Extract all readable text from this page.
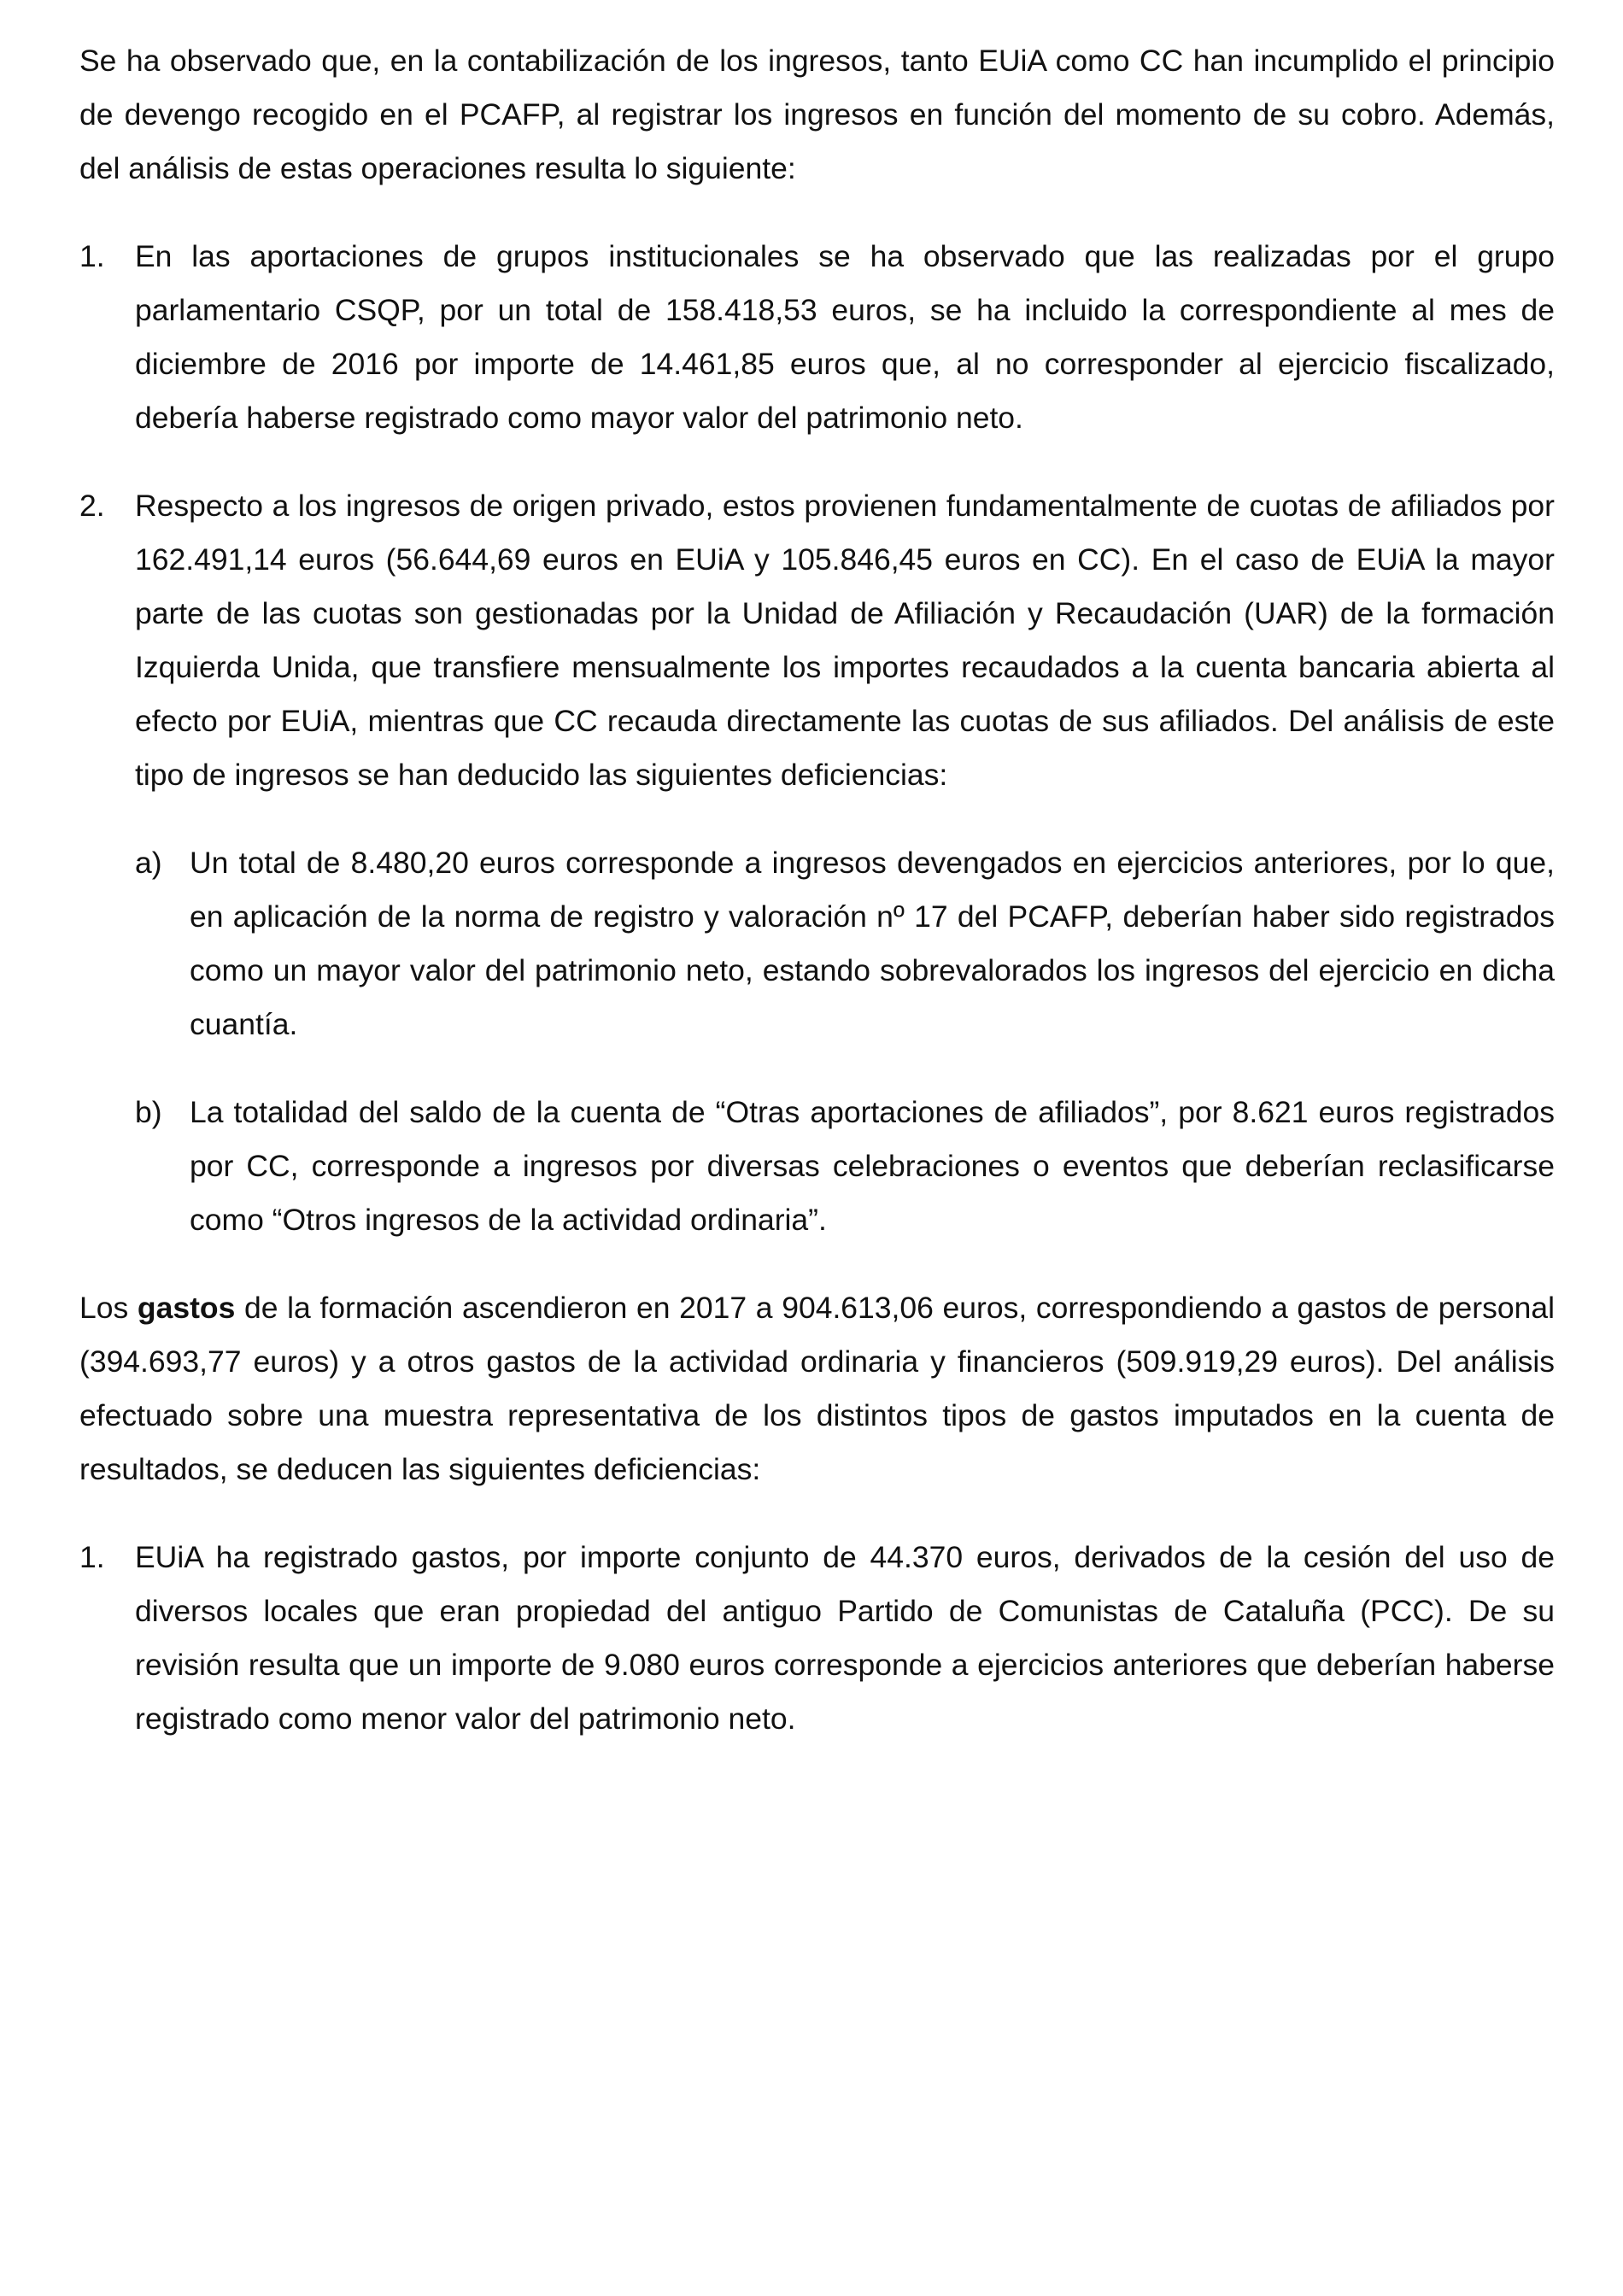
Se ha observado que, en la contabilización de los ingresos, tanto EUiA como CC han incumplido el principio de devengo recogido en el PCAFP, al registrar los ingresos en función del momento de su cobro. Además, del análisis de estas operaciones resulta lo siguiente:

1. En las aportaciones de grupos institucionales se ha observado que las realizadas por el grupo parlamentario CSQP, por un total de 158.418,53 euros, se ha incluido la correspondiente al mes de diciembre de 2016 por importe de 14.461,85 euros que, al no corresponder al ejercicio fiscalizado, debería haberse registrado como mayor valor del patrimonio neto.

2. Respecto a los ingresos de origen privado, estos provienen fundamentalmente de cuotas de afiliados por 162.491,14 euros (56.644,69 euros en EUiA y 105.846,45 euros en CC). En el caso de EUiA la mayor parte de las cuotas son gestionadas por la Unidad de Afiliación y Recaudación (UAR) de la formación Izquierda Unida, que transfiere mensualmente los importes recaudados a la cuenta bancaria abierta al efecto por EUiA, mientras que CC recauda directamente las cuotas de sus afiliados. Del análisis de este tipo de ingresos se han deducido las siguientes deficiencias:

a) Un total de 8.480,20 euros corresponde a ingresos devengados en ejercicios anteriores, por lo que, en aplicación de la norma de registro y valoración nº 17 del PCAFP, deberían haber sido registrados como un mayor valor del patrimonio neto, estando sobrevalorados los ingresos del ejercicio en dicha cuantía.

b) La totalidad del saldo de la cuenta de “Otras aportaciones de afiliados”, por 8.621 euros registrados por CC, corresponde a ingresos por diversas celebraciones o eventos que deberían reclasificarse como “Otros ingresos de la actividad ordinaria”.

Los gastos de la formación ascendieron en 2017 a 904.613,06 euros, correspondiendo a gastos de personal (394.693,77 euros) y a otros gastos de la actividad ordinaria y financieros (509.919,29 euros). Del análisis efectuado sobre una muestra representativa de los distintos tipos de gastos imputados en la cuenta de resultados, se deducen las siguientes deficiencias:

1. EUiA ha registrado gastos, por importe conjunto de 44.370 euros, derivados de la cesión del uso de diversos locales que eran propiedad del antiguo Partido de Comunistas de Cataluña (PCC). De su revisión resulta que un importe de 9.080 euros corresponde a ejercicios anteriores que deberían haberse registrado como menor valor del patrimonio neto.
